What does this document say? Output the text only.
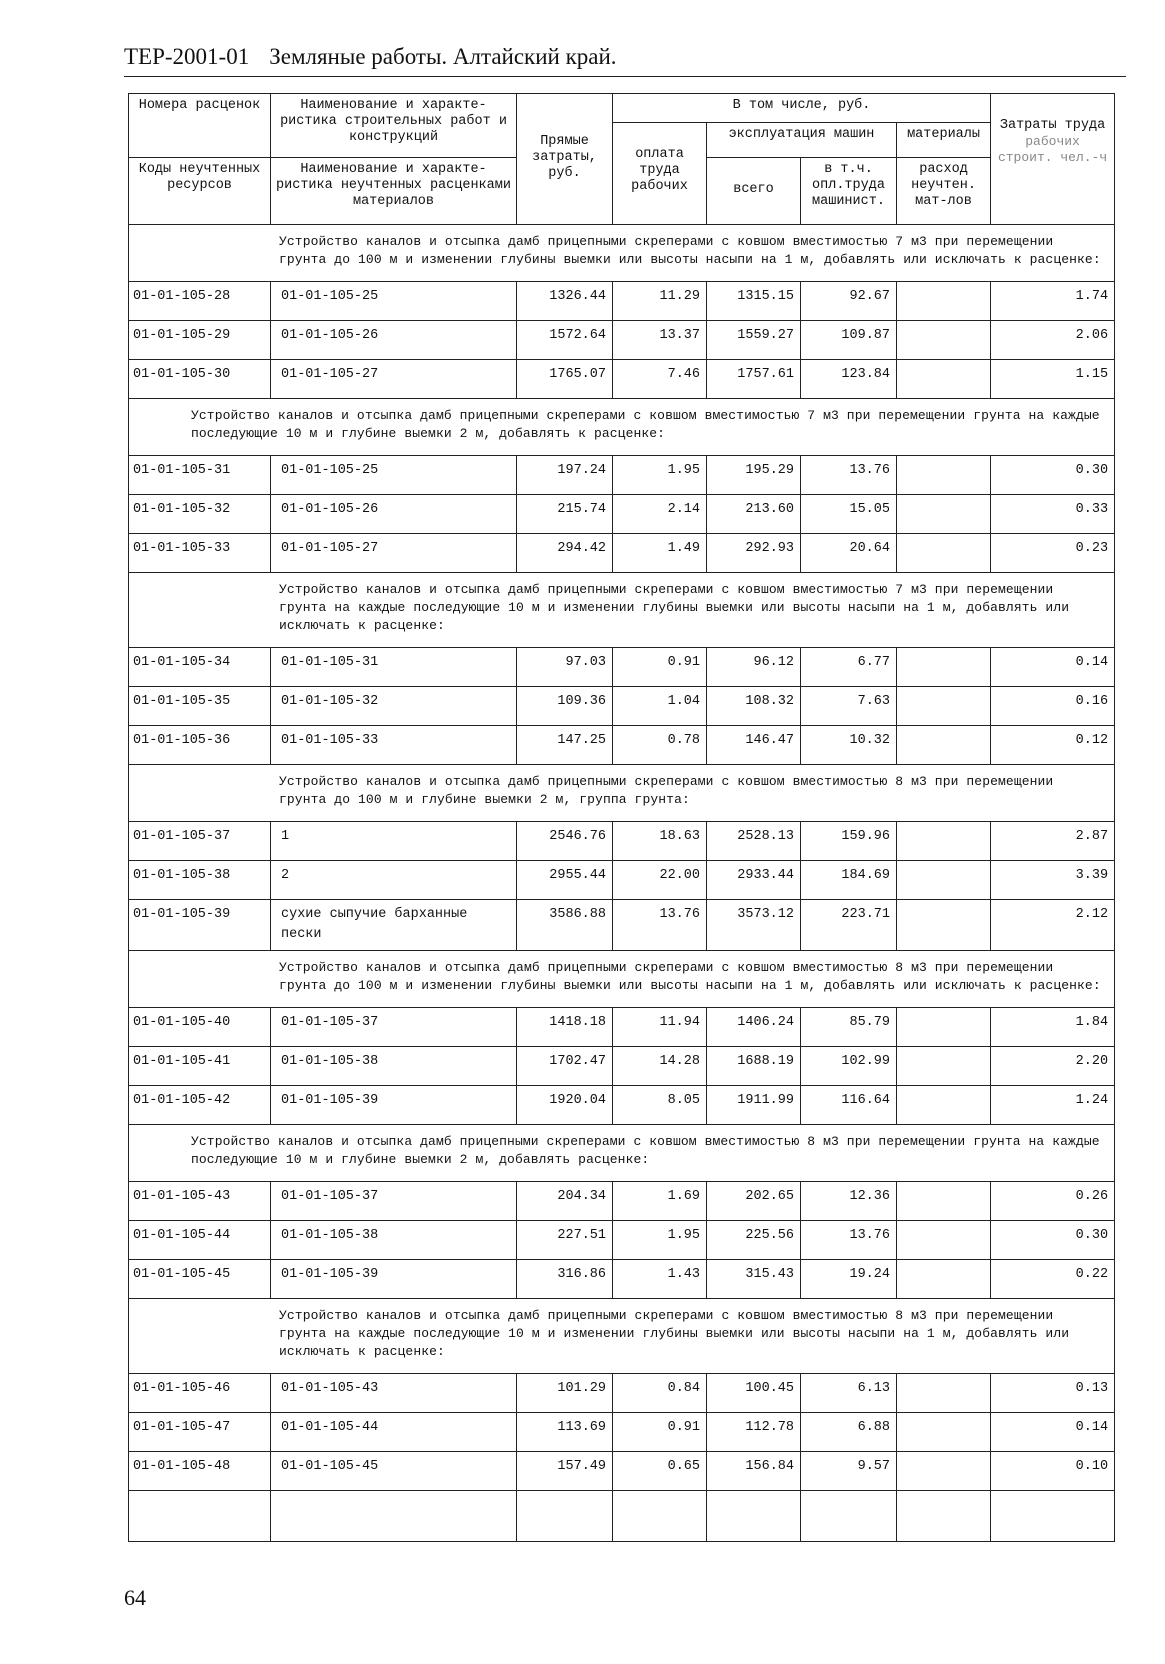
ТЕР-2001-01 Земляные работы. Алтайский край.
Номера расценок	Наименование и характе-ристика строительных работ и конструкций	Прямые затраты, руб.	В том числе, руб.				Затраты труда
рабочих строит. чел.-ч

			оплата труда рабочих	эксплуатация машин		материалы	
Коды неучтенных ресурсов	Наименование и характе-ристика неучтенных расценками материалов			всего	в т.ч. опл.труда машинист.	расход неучтен. мат-лов	

Устройство каналов и отсыпка дамб прицепными скреперами с ковшом вместимостью 7 м3 при перемещении грунта до 100 м и изменении глубины выемки или высоты насыпи на 1 м, добавлять или исключать к расценке:							
01-01-105-28	01-01-105-25	1326.44	11.29	1315.15	92.67		1.74
01-01-105-29	01-01-105-26	1572.64	13.37	1559.27	109.87		2.06
01-01-105-30	01-01-105-27	1765.07	7.46	1757.61	123.84		1.15
Устройство каналов и отсыпка дамб прицепными скреперами с ковшом вместимостью 7 м3 при перемещении грунта на каждые последующие 10 м и глубине выемки 2 м, добавлять к расценке:							
01-01-105-31	01-01-105-25	197.24	1.95	195.29	13.76		0.30
01-01-105-32	01-01-105-26	215.74	2.14	213.60	15.05		0.33
01-01-105-33	01-01-105-27	294.42	1.49	292.93	20.64		0.23
Устройство каналов и отсыпка дамб прицепными скреперами с ковшом вместимостью 7 м3 при перемещении грунта на каждые последующие 10 м и изменении глубины выемки или высоты насыпи на 1 м, добавлять или исключать к расценке:							
01-01-105-34	01-01-105-31	97.03	0.91	96.12	6.77		0.14
01-01-105-35	01-01-105-32	109.36	1.04	108.32	7.63		0.16
01-01-105-36	01-01-105-33	147.25	0.78	146.47	10.32		0.12
Устройство каналов и отсыпка дамб прицепными скреперами с ковшом вместимостью 8 м3 при перемещении грунта до 100 м и глубине выемки 2 м, группа грунта:							
01-01-105-37	1	2546.76	18.63	2528.13	159.96		2.87
01-01-105-38	2	2955.44	22.00	2933.44	184.69		3.39
01-01-105-39	сухие сыпучие барханные пески	3586.88	13.76	3573.12	223.71		2.12
Устройство каналов и отсыпка дамб прицепными скреперами с ковшом вместимостью 8 м3 при перемещении грунта до 100 м и изменении глубины выемки или высоты насыпи на 1 м, добавлять или исключать к расценке:							
01-01-105-40	01-01-105-37	1418.18	11.94	1406.24	85.79		1.84
01-01-105-41	01-01-105-38	1702.47	14.28	1688.19	102.99		2.20
01-01-105-42	01-01-105-39	1920.04	8.05	1911.99	116.64		1.24
Устройство каналов и отсыпка дамб прицепными скреперами с ковшом вместимостью 8 м3 при перемещении грунта на каждые последующие 10 м и глубине выемки 2 м, добавлять расценке:							
01-01-105-43	01-01-105-37	204.34	1.69	202.65	12.36		0.26
01-01-105-44	01-01-105-38	227.51	1.95	225.56	13.76		0.30
01-01-105-45	01-01-105-39	316.86	1.43	315.43	19.24		0.22
Устройство каналов и отсыпка дамб прицепными скреперами с ковшом вместимостью 8 м3 при перемещении грунта на каждые последующие 10 м и изменении глубины выемки или высоты насыпи на 1 м, добавлять или исключать к расценке:							
01-01-105-46	01-01-105-43	101.29	0.84	100.45	6.13		0.13
01-01-105-47	01-01-105-44	113.69	0.91	112.78	6.88		0.14
01-01-105-48	01-01-105-45	157.49	0.65	156.84	9.57		0.10

64
